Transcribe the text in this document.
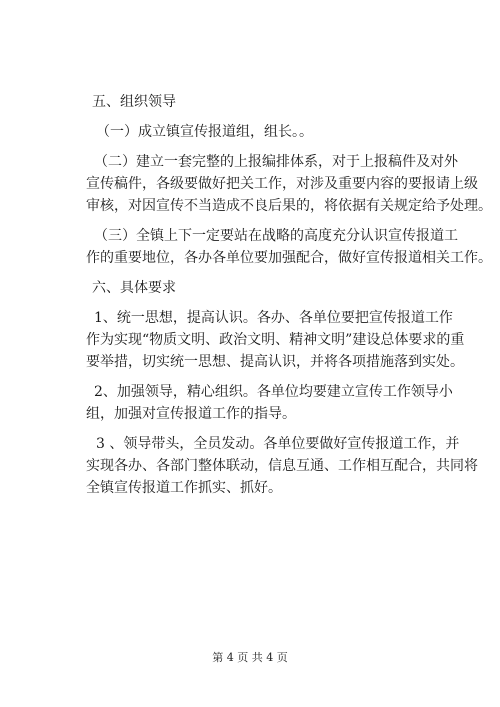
五、组织领导
（一）成立镇宣传报道组，组长。。
（二）建立一套完整的上报编排体系，对于上报稿件及对外
宣传稿件，各级要做好把关工作，对涉及重要内容的要报请上级
审核，对因宣传不当造成不良后果的，将依据有关规定给予处理。
（三）全镇上下一定要站在战略的高度充分认识宣传报道工
作的重要地位，各办各单位要加强配合，做好宣传报道相关工作。
六、具体要求
1、统一思想，提高认识。各办、各单位要把宣传报道工作
作为实现“物质文明、政治文明、精神文明”建设总体要求的重
要举措，切实统一思想、提高认识，并将各项措施落到实处。
2、加强领导，精心组织。各单位均要建立宣传工作领导小
组，加强对宣传报道工作的指导。
3 、领导带头，全员发动。各单位要做好宣传报道工作，并
实现各办、各部门整体联动，信息互通、工作相互配合，共同将
全镇宣传报道工作抓实、抓好。
第 4 页 共 4 页
